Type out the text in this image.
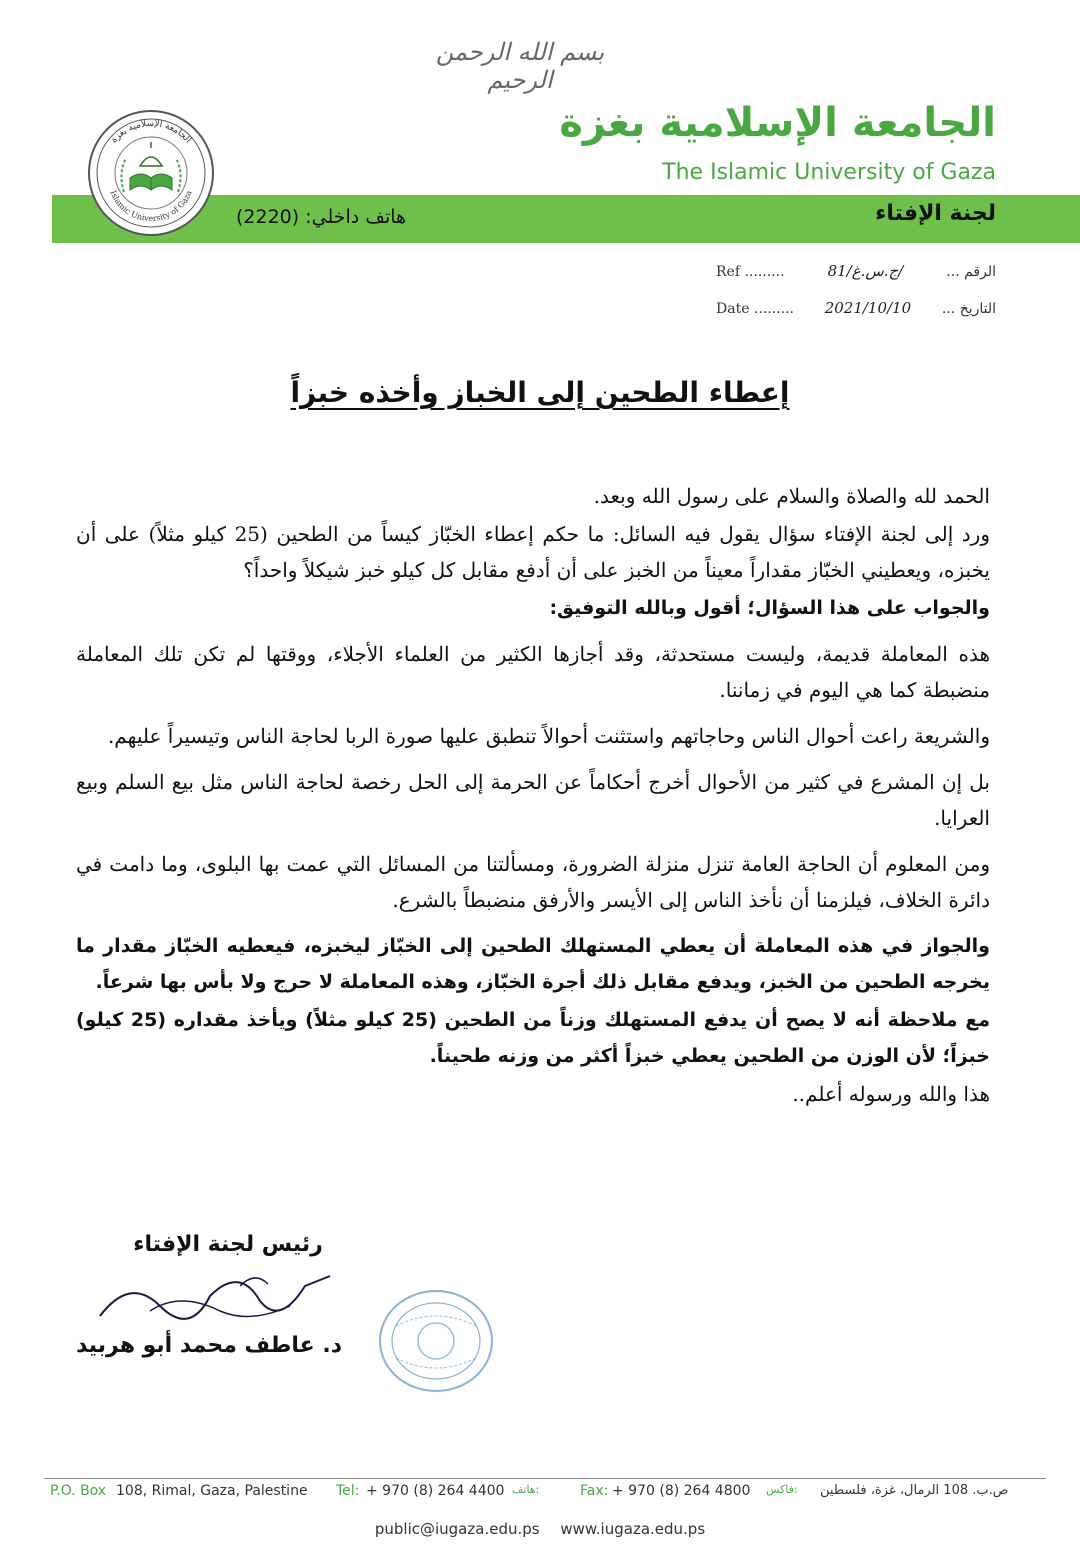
بسم الله الرحمن الرحيم
الجامعة الإسلامية بغزة
The Islamic University of Gaza
لجنة الإفتاء
هاتف داخلي: (2220)
الجامعة الإسلامية بغزة
Islamic University of Gaza
Ref .........	ج.س.غ/81/	الرقم ...
Date ......... 2021/10/10	التاريخ ...
إعطاء الطحين إلى الخباز وأخذه خبزاً

الحمد لله والصلاة والسلام على رسول الله وبعد.

ورد إلى لجنة الإفتاء سؤال يقول فيه السائل: ما حكم إعطاء الخبّاز كيساً من الطحين (25 كيلو مثلاً) على أن يخبزه، ويعطيني الخبّاز مقداراً معيناً من الخبز على أن أدفع مقابل كل كيلو خبز شيكلاً واحداً؟

والجواب على هذا السؤال؛ أقول وبالله التوفيق:

هذه المعاملة قديمة، وليست مستحدثة، وقد أجازها الكثير من العلماء الأجلاء، ووقتها لم تكن تلك المعاملة منضبطة كما هي اليوم في زماننا.

والشريعة راعت أحوال الناس وحاجاتهم واستثنت أحوالاً تنطبق عليها صورة الربا لحاجة الناس وتيسيراً عليهم.

بل إن المشرع في كثير من الأحوال أخرج أحكاماً عن الحرمة إلى الحل رخصة لحاجة الناس مثل بيع السلم وبيع العرايا.

ومن المعلوم أن الحاجة العامة تنزل منزلة الضرورة، ومسألتنا من المسائل التي عمت بها البلوى، وما دامت في دائرة الخلاف، فيلزمنا أن نأخذ الناس إلى الأيسر والأرفق منضبطاً بالشرع.

والجواز في هذه المعاملة أن يعطي المستهلك الطحين إلى الخبّاز ليخبزه، فيعطيه الخبّاز مقدار ما يخرجه الطحين من الخبز، ويدفع مقابل ذلك أجرة الخبّاز، وهذه المعاملة لا حرج ولا بأس بها شرعاً.

مع ملاحظة أنه لا يصح أن يدفع المستهلك وزناً من الطحين (25 كيلو مثلاً) ويأخذ مقداره (25 كيلو) خبزاً؛ لأن الوزن من الطحين يعطي خبزاً أكثر من وزنه طحيناً.

هذا والله ورسوله أعلم..

رئيس لجنة الإفتاء
د. عاطف محمد أبو هربيد
P.O. Box 108, Rimal, Gaza, Palestine Tel: + 970 (8) 264 4400 هاتف:	Fax: + 970 (8) 264 4800 فاكس: ص.ب. 108 الرمال، غزة، فلسطين
public@iugaza.edu.ps www.iugaza.edu.ps
